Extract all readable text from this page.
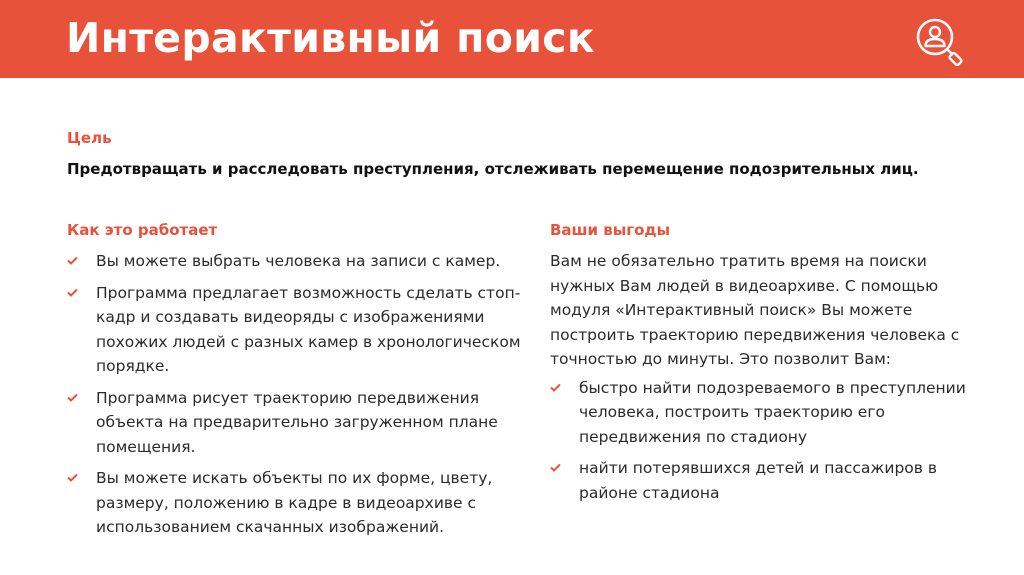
Интерактивный поиск
Цель
Предотвращать и расследовать преступления, отслеживать перемещение подозрительных лиц.
Как это работает
Вы можете выбрать человека на записи с камер.
Программа предлагает возможность сделать стоп-кадр и создавать видеоряды с изображениями похожих людей с разных камер в хронологическом порядке.
Программа рисует траекторию передвижения объекта на предварительно загруженном плане помещения.
Вы можете искать объекты по их форме, цвету, размеру, положению в кадре в видеоархиве с использованием скачанных изображений.
Ваши выгоды
Вам не обязательно тратить время на поиски нужных Вам людей в видеоархиве. С помощью модуля «Интерактивный поиск» Вы можете построить траекторию передвижения человека с точностью до минуты. Это позволит Вам:
быстро найти подозреваемого в преступлении человека, построить траекторию его передвижения по стадиону
найти потерявшихся детей и пассажиров в районе стадиона
